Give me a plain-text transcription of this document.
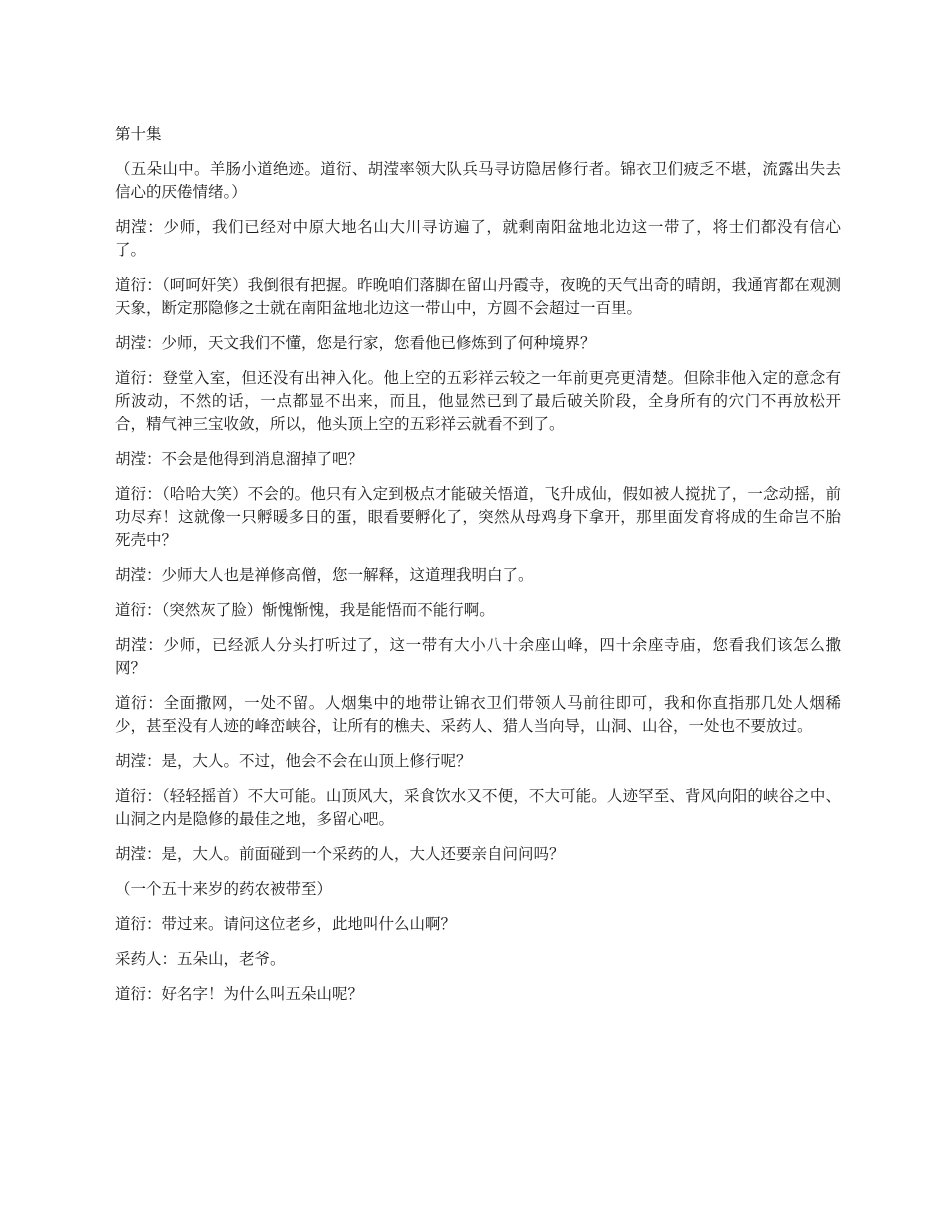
第十集

（五朵山中。羊肠小道绝迹。道衍、胡滢率领大队兵马寻访隐居修行者。锦衣卫们疲乏不堪，流露出失去信心的厌倦情绪。）

胡滢：少师，我们已经对中原大地名山大川寻访遍了，就剩南阳盆地北边这一带了，将士们都没有信心了。

道衍：（呵呵奸笑）我倒很有把握。昨晚咱们落脚在留山丹霞寺，夜晚的天气出奇的晴朗，我通宵都在观测天象，断定那隐修之士就在南阳盆地北边这一带山中，方圆不会超过一百里。

胡滢：少师，天文我们不懂，您是行家，您看他已修炼到了何种境界？

道衍：登堂入室，但还没有出神入化。他上空的五彩祥云较之一年前更亮更清楚。但除非他入定的意念有所波动，不然的话，一点都显不出来，而且，他显然已到了最后破关阶段，全身所有的穴门不再放松开合，精气神三宝收敛，所以，他头顶上空的五彩祥云就看不到了。

胡滢：不会是他得到消息溜掉了吧？

道衍：（哈哈大笑）不会的。他只有入定到极点才能破关悟道，飞升成仙，假如被人搅扰了，一念动摇，前功尽弃！这就像一只孵暖多日的蛋，眼看要孵化了，突然从母鸡身下拿开，那里面发育将成的生命岂不胎死壳中？

胡滢：少师大人也是禅修高僧，您一解释，这道理我明白了。

道衍：（突然灰了脸）惭愧惭愧，我是能悟而不能行啊。

胡滢：少师，已经派人分头打听过了，这一带有大小八十余座山峰，四十余座寺庙，您看我们该怎么撒网？

道衍：全面撒网，一处不留。人烟集中的地带让锦衣卫们带领人马前往即可，我和你直指那几处人烟稀少，甚至没有人迹的峰峦峡谷，让所有的樵夫、采药人、猎人当向导，山洞、山谷，一处也不要放过。

胡滢：是，大人。不过，他会不会在山顶上修行呢？

道衍：（轻轻摇首）不大可能。山顶风大，采食饮水又不便，不大可能。人迹罕至、背风向阳的峡谷之中、山洞之内是隐修的最佳之地，多留心吧。

胡滢：是，大人。前面碰到一个采药的人，大人还要亲自问问吗？

（一个五十来岁的药农被带至）

道衍：带过来。请问这位老乡，此地叫什么山啊？

采药人：五朵山，老爷。

道衍：好名字！为什么叫五朵山呢？
